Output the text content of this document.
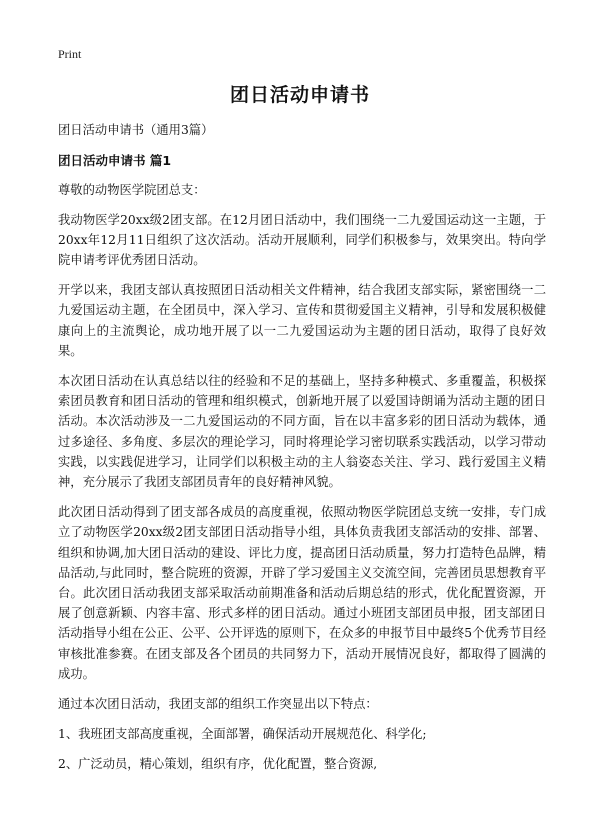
Print
团日活动申请书

团日活动申请书（通用3篇）

团日活动申请书 篇1

尊敬的动物医学院团总支：

我动物医学20xx级2团支部。在12月团日活动中，我们围绕一二九爱国运动这一主题，于20xx年12月11日组织了这次活动。活动开展顺利，同学们积极参与，效果突出。特向学院申请考评优秀团日活动。

开学以来，我团支部认真按照团日活动相关文件精神，结合我团支部实际，紧密围绕一二九爱国运动主题，在全团员中，深入学习、宣传和贯彻爱国主义精神，引导和发展积极健康向上的主流舆论，成功地开展了以一二九爱国运动为主题的团日活动，取得了良好效果。

本次团日活动在认真总结以往的经验和不足的基础上，坚持多种模式、多重覆盖，积极探索团员教育和团日活动的管理和组织模式，创新地开展了以爱国诗朗诵为活动主题的团日活动。本次活动涉及一二九爱国运动的不同方面，旨在以丰富多彩的团日活动为载体，通过多途径、多角度、多层次的理论学习，同时将理论学习密切联系实践活动，以学习带动实践，以实践促进学习，让同学们以积极主动的主人翁姿态关注、学习、践行爱国主义精神，充分展示了我团支部团员青年的良好精神风貌。

此次团日活动得到了团支部各成员的高度重视，依照动物医学院团总支统一安排，专门成立了动物医学20xx级2团支部团日活动指导小组，具体负责我团支部活动的安排、部署、组织和协调,加大团日活动的建设、评比力度，提高团日活动质量，努力打造特色品牌，精品活动,与此同时，整合院班的资源，开辟了学习爱国主义交流空间，完善团员思想教育平台。此次团日活动我团支部采取活动前期准备和活动后期总结的形式，优化配置资源，开展了创意新颖、内容丰富、形式多样的团日活动。通过小班团支部团员申报，团支部团日活动指导小组在公正、公平、公开评选的原则下，在众多的申报节目中最终5个优秀节目经审核批准参赛。在团支部及各个团员的共同努力下，活动开展情况良好，都取得了圆满的成功。

通过本次团日活动，我团支部的组织工作突显出以下特点：

1、我班团支部高度重视，全面部署，确保活动开展规范化、科学化;

2、广泛动员，精心策划，组织有序，优化配置，整合资源,
